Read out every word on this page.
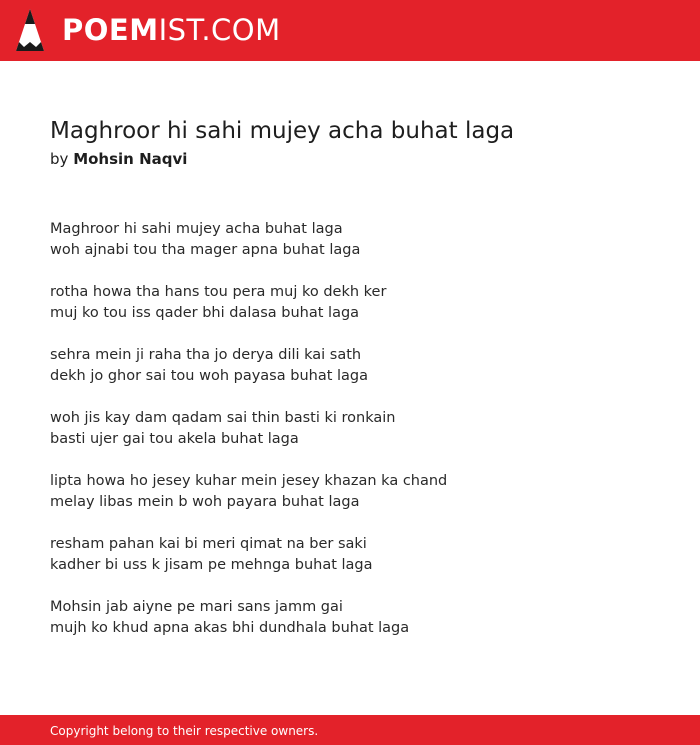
POEMIST.COM
Maghroor hi sahi mujey acha buhat laga
by Mohsin Naqvi
Maghroor hi sahi mujey acha buhat laga
woh ajnabi tou tha mager apna buhat laga
rotha howa tha hans tou pera muj ko dekh ker
muj ko tou iss qader bhi dalasa buhat laga
sehra mein ji raha tha jo derya dili kai sath
dekh jo ghor sai tou woh payasa buhat laga
woh jis kay dam qadam sai thin basti ki ronkain
basti ujer gai tou akela buhat laga
lipta howa ho jesey kuhar mein jesey khazan ka chand
melay libas mein b woh payara buhat laga
resham pahan kai bi meri qimat na ber saki
kadher bi uss k jisam pe mehnga buhat laga
Mohsin jab aiyne pe mari sans jamm gai
mujh ko khud apna akas bhi dundhala buhat laga
Copyright belong to their respective owners.
